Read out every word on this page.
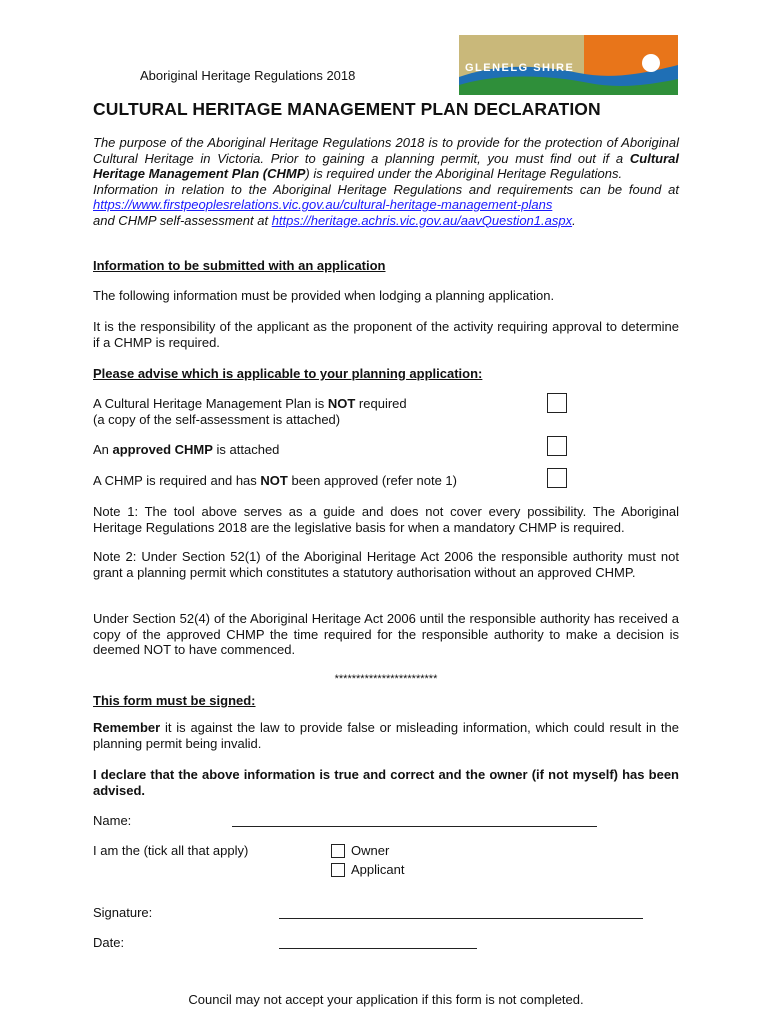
Aboriginal Heritage Regulations 2018	GLENELG SHIRE
CULTURAL HERITAGE MANAGEMENT PLAN DECLARATION
The purpose of the Aboriginal Heritage Regulations 2018 is to provide for the protection of Aboriginal Cultural Heritage in Victoria. Prior to gaining a planning permit, you must find out if a Cultural Heritage Management Plan (CHMP) is required under the Aboriginal Heritage Regulations.
Information in relation to the Aboriginal Heritage Regulations and requirements can be found at https://www.firstpeoplesrelations.vic.gov.au/cultural-heritage-management-plans
and CHMP self-assessment at https://heritage.achris.vic.gov.au/aavQuestion1.aspx.
Information to be submitted with an application
The following information must be provided when lodging a planning application.
It is the responsibility of the applicant as the proponent of the activity requiring approval to determine if a CHMP is required.
Please advise which is applicable to your planning application:
A Cultural Heritage Management Plan is NOT required
(a copy of the self-assessment is attached)
An approved CHMP is attached
A CHMP is required and has NOT been approved (refer note 1)
Note 1: The tool above serves as a guide and does not cover every possibility. The Aboriginal Heritage Regulations 2018 are the legislative basis for when a mandatory CHMP is required.
Note 2: Under Section 52(1) of the Aboriginal Heritage Act 2006 the responsible authority must not grant a planning permit which constitutes a statutory authorisation without an approved CHMP.
Under Section 52(4) of the Aboriginal Heritage Act 2006 until the responsible authority has received a copy of the approved CHMP the time required for the responsible authority to make a decision is deemed NOT to have commenced.
************************
This form must be signed:
Remember it is against the law to provide false or misleading information, which could result in the planning permit being invalid.
I declare that the above information is true and correct and the owner (if not myself) has been advised.
Name:
I am the (tick all that apply)	Owner
Applicant
Signature:
Date:
Council may not accept your application if this form is not completed.
